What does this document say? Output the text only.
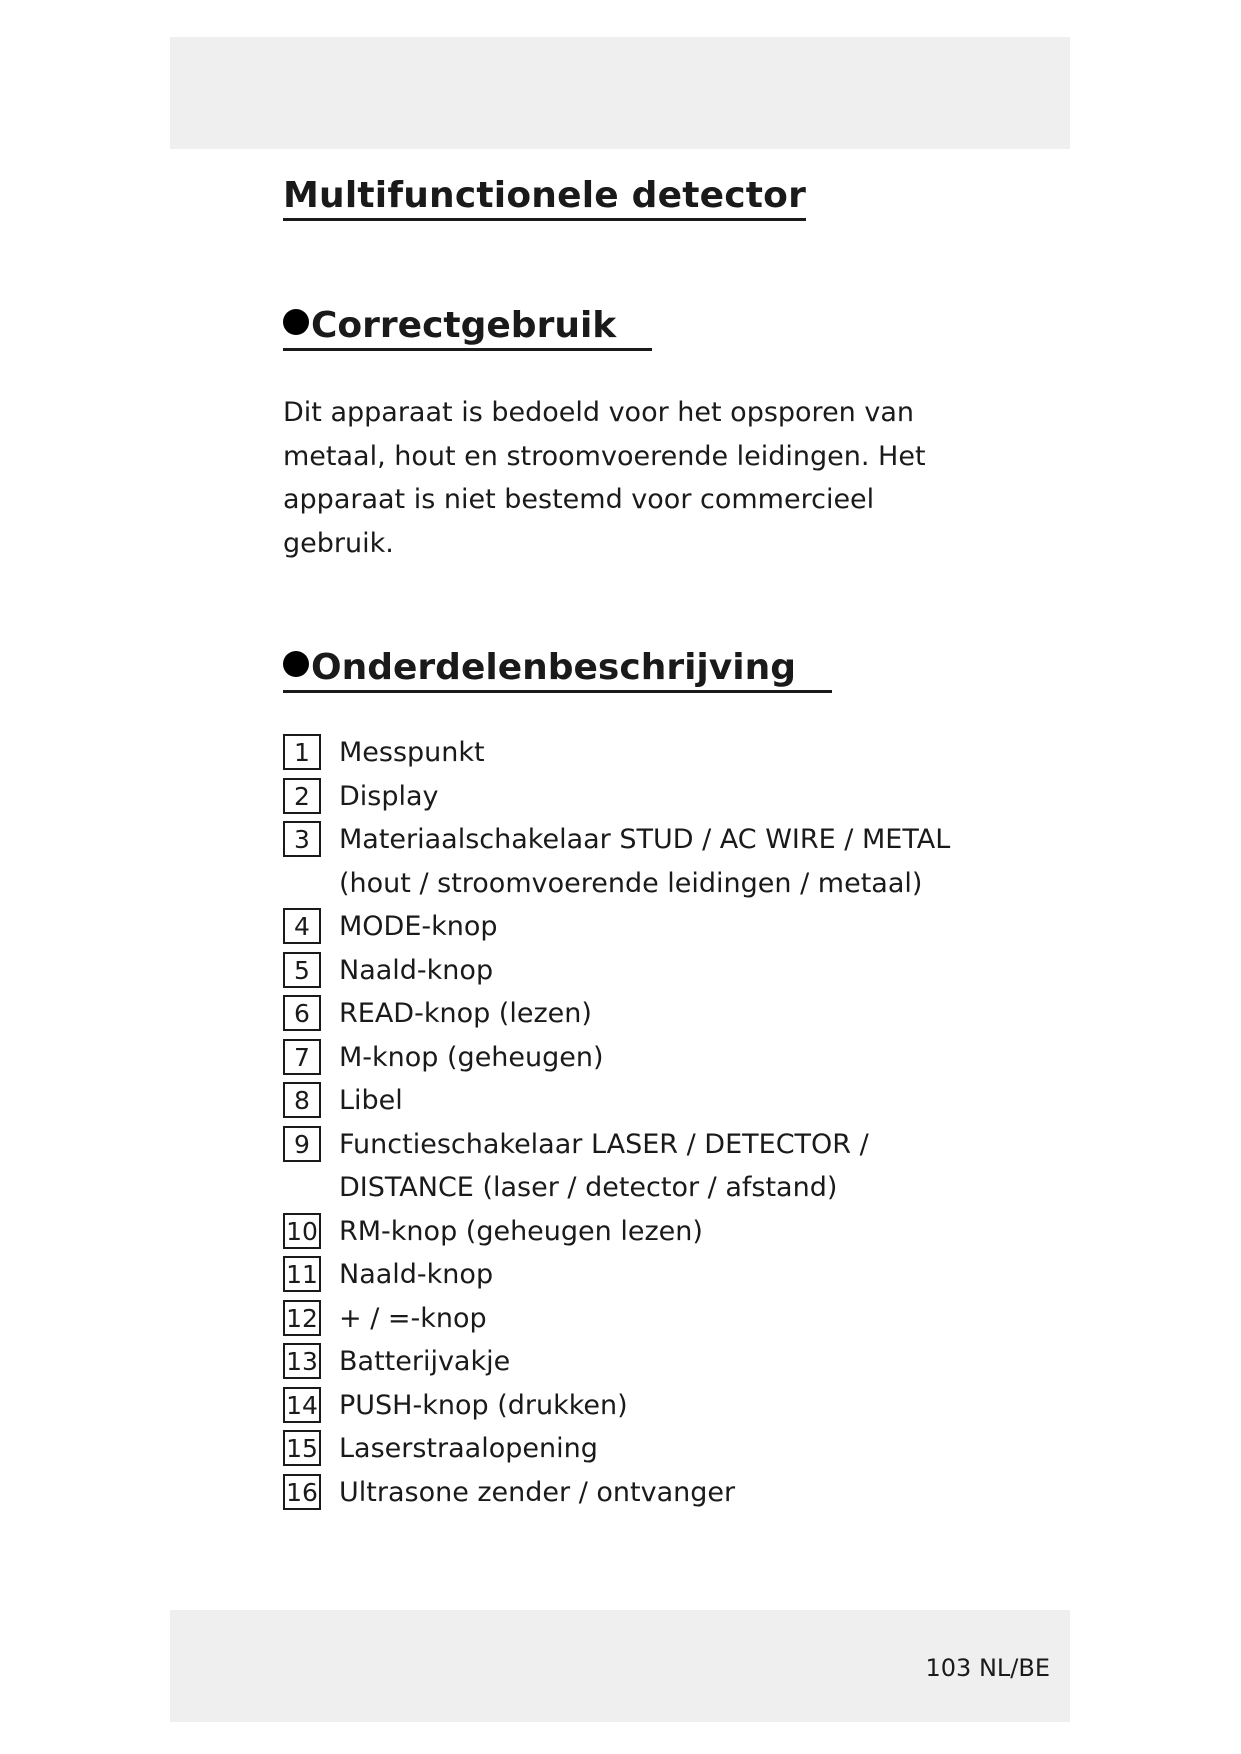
Multifunctionele detector
Correctgebruik

Dit apparaat is bedoeld voor het opsporen van metaal, hout en stroomvoerende leidingen. Het apparaat is niet bestemd voor commercieel gebruik.

Onderdelenbeschrijving
1	Messpunkt
2	Display
3	Materiaalschakelaar STUD / AC WIRE / METAL
(hout / stroomvoerende leidingen / metaal)
4	MODE-knop
5	Naald-knop
6	READ-knop (lezen)
7	M-knop (geheugen)
8	Libel
9	Functieschakelaar LASER / DETECTOR /
DISTANCE (laser / detector / afstand)
10 RM-knop (geheugen lezen)
11 Naald-knop
12 + / =-knop
13 Batterijvakje
14 PUSH-knop (drukken)
15 Laserstraalopening
16 Ultrasone zender / ontvanger
103 NL/BE
